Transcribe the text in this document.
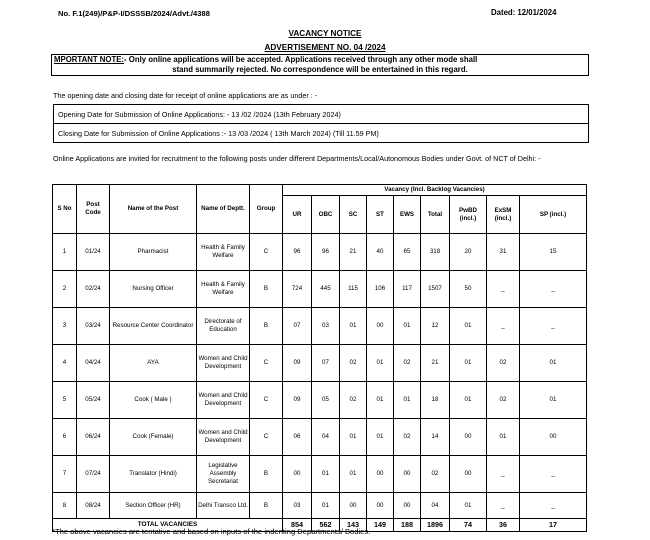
No. F.1(249)/P&P-I/DSSSB/2024/Advt./4388	Dated: 12/01/2024
VACANCY NOTICE
ADVERTISEMENT NO. 04 /2024
MPORTANT NOTE:- Only online applications will be accepted. Applications received through any other mode shall
stand summarily rejected. No correspondence will be entertained in this regard.
The opening date and closing date for receipt of online applications are as under : -
Opening Date for Submission of Online Applications: - 13 /02 /2024 (13th February 2024)
Closing Date for Submission of Online Applications :- 13 /03 /2024 ( 13th March 2024) (Till 11.59 PM)
Online Applications are invited for recruitment to the following posts under different Departments/Local/Autonomous Bodies under Govt. of NCT of Delhi: -
S No	Post Code	Name of the Post	Name of Deptt.	Group	Vacancy (Incl. Backlog Vacancies)								
					UR	OBC	SC	ST	EWS	Total	PwBD (incl.)	ExSM (incl.)	SP (incl.)
1	01/24	Pharmacist	Health & Family Welfare	C	96	96	21	40	65	318	20	31	15
2	02/24	Nursing Officer	Health & Family Welfare	B	724	445	115	106	117	1507	50	_	_
3	03/24	Resource Center Coordinator	Directorate of Education	B	07	03	01	00	01	12	01	_	_
4	04/24	AYA	Women and Child Development	C	09	07	02	01	02	21	01	02	01
5	05/24	Cook ( Male )	Women and Child Development	C	09	05	02	01	01	18	01	02	01
6	06/24	Cook (Female)	Women and Child Development	C	06	04	01	01	02	14	00	01	00
7	07/24	Translator (Hindi)	Legislative Assembly Secretariat	B	00	01	01	00	00	02	00	_	_
8	08/24	Section Officer (HR)	Delhi Transco Ltd.	B	03	01	00	00	00	04	01	_	_
TOTAL VACANCIES					854	562	143	149	188	1896	74	36	17
*The above vacancies are tentative and based on inputs of the indenting Departments/ Bodies.
